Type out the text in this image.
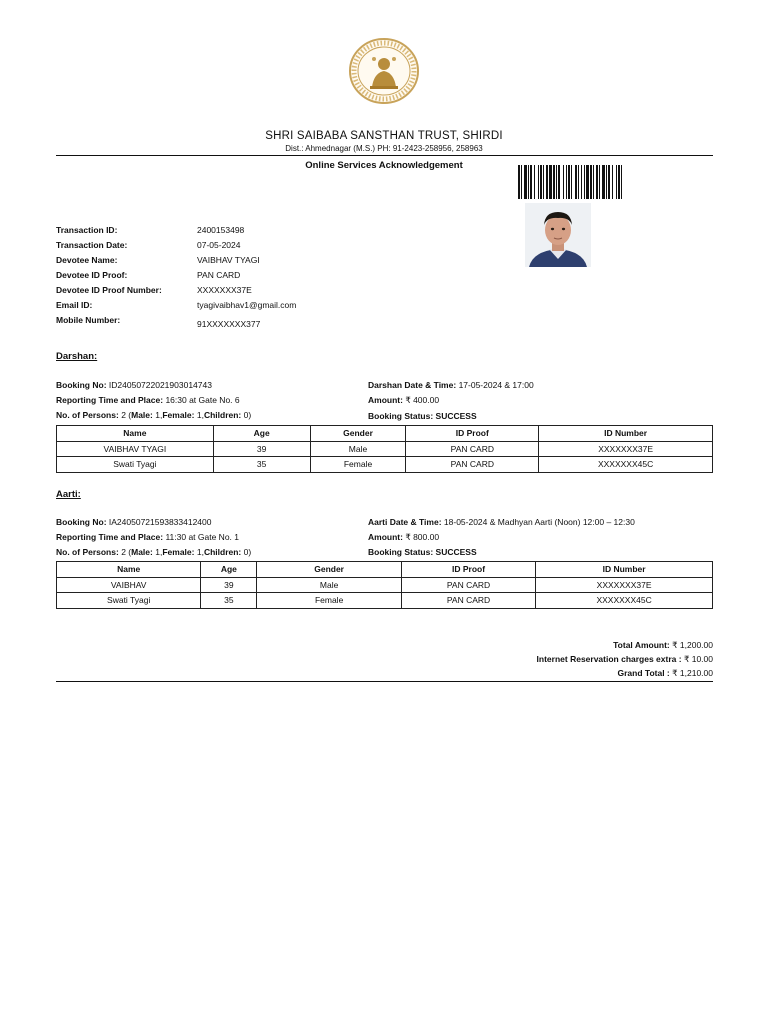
SHRI SAIBABA SANSTHAN TRUST, SHIRDI
Dist.: Ahmednagar (M.S.) PH: 91-2423-258956, 258963
Online Services Acknowledgement
Transaction ID:	2400153498
Transaction Date:	07-05-2024
Devotee Name:	VAIBHAV TYAGI
Devotee ID Proof:	PAN CARD
Devotee ID Proof Number:	XXXXXXX37E
Email ID:	tyagivaibhav1@gmail.com
Mobile Number:	91XXXXXXX377
Darshan:
Booking No: ID24050722021903014743
Reporting Time and Place: 16:30 at Gate No. 6
No. of Persons: 2 (Male: 1,Female: 1,Children: 0)
Darshan Date & Time: 17-05-2024 & 17:00
Amount: ₹ 400.00
Booking Status: SUCCESS
Name	Age	Gender	ID Proof	ID Number
VAIBHAV TYAGI	39	Male	PAN CARD	XXXXXXX37E
Swati Tyagi	35	Female	PAN CARD	XXXXXXX45C
Aarti:
Booking No: IA24050721593833412400
Reporting Time and Place: 11:30 at Gate No. 1
No. of Persons: 2 (Male: 1,Female: 1,Children: 0)
Aarti Date & Time: 18-05-2024 & Madhyan Aarti (Noon) 12:00 – 12:30
Amount: ₹ 800.00
Booking Status: SUCCESS
Name	Age	Gender	ID Proof	ID Number
VAIBHAV	39	Male	PAN CARD	XXXXXXX37E
Swati Tyagi	35	Female	PAN CARD	XXXXXXX45C
Total Amount: ₹ 1,200.00
Internet Reservation charges extra : ₹ 10.00
Grand Total : ₹ 1,210.00
